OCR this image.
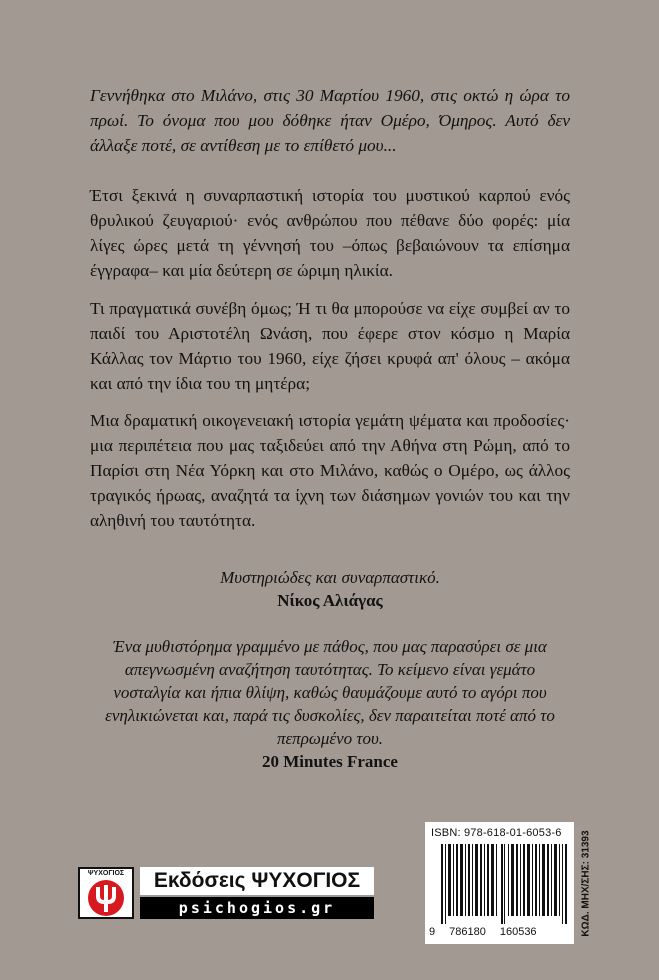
Γεννήθηκα στο Μιλάνο, στις 30 Μαρτίου 1960, στις οκτώ η ώρα το πρωί. Το όνομα που μου δόθηκε ήταν Ομέρο, Όμηρος. Αυτό δεν άλλαξε ποτέ, σε αντίθεση με το επίθετό μου...

Έτσι ξεκινά η συναρπαστική ιστορία του μυστικού καρπού ενός θρυλικού ζευγαριού· ενός ανθρώπου που πέθανε δύο φορές: μία λίγες ώρες μετά τη γέννησή του –όπως βεβαιώνουν τα επίσημα έγγραφα– και μία δεύτερη σε ώριμη ηλικία.

Τι πραγματικά συνέβη όμως; Ή τι θα μπορούσε να είχε συμβεί αν το παιδί του Αριστοτέλη Ωνάση, που έφερε στον κόσμο η Μαρία Κάλλας τον Μάρτιο του 1960, είχε ζήσει κρυφά απ' όλους – ακόμα και από την ίδια του τη μητέρα;

Μια δραματική οικογενειακή ιστορία γεμάτη ψέματα και προδοσίες· μια περιπέτεια που μας ταξιδεύει από την Αθήνα στη Ρώμη, από το Παρίσι στη Νέα Υόρκη και στο Μιλάνο, καθώς ο Ομέρο, ως άλλος τραγικός ήρωας, αναζητά τα ίχνη των διάσημων γονιών του και την αληθινή του ταυτότητα.

Μυστηριώδες και συναρπαστικό.
Νίκος Αλιάγας
Ένα μυθιστόρημα γραμμένο με πάθος, που μας παρασύρει σε μια απεγνωσμένη αναζήτηση ταυτότητας. Το κείμενο είναι γεμάτο νοσταλγία και ήπια θλίψη, καθώς θαυμάζουμε αυτό το αγόρι που ενηλικιώνεται και, παρά τις δυσκολίες, δεν παραιτείται ποτέ από το πεπρωμένο του.
20 Minutes France
ISBN: 978-618-01-6053-6
9 786180 160536	ΚΩΔ. ΜΗΧ/ΣΗΣ: 31393
ΨΥΧΟΓΙΟΣ	Εκδόσεις ΨΥΧΟΓΙΟΣ
psichogios.gr
